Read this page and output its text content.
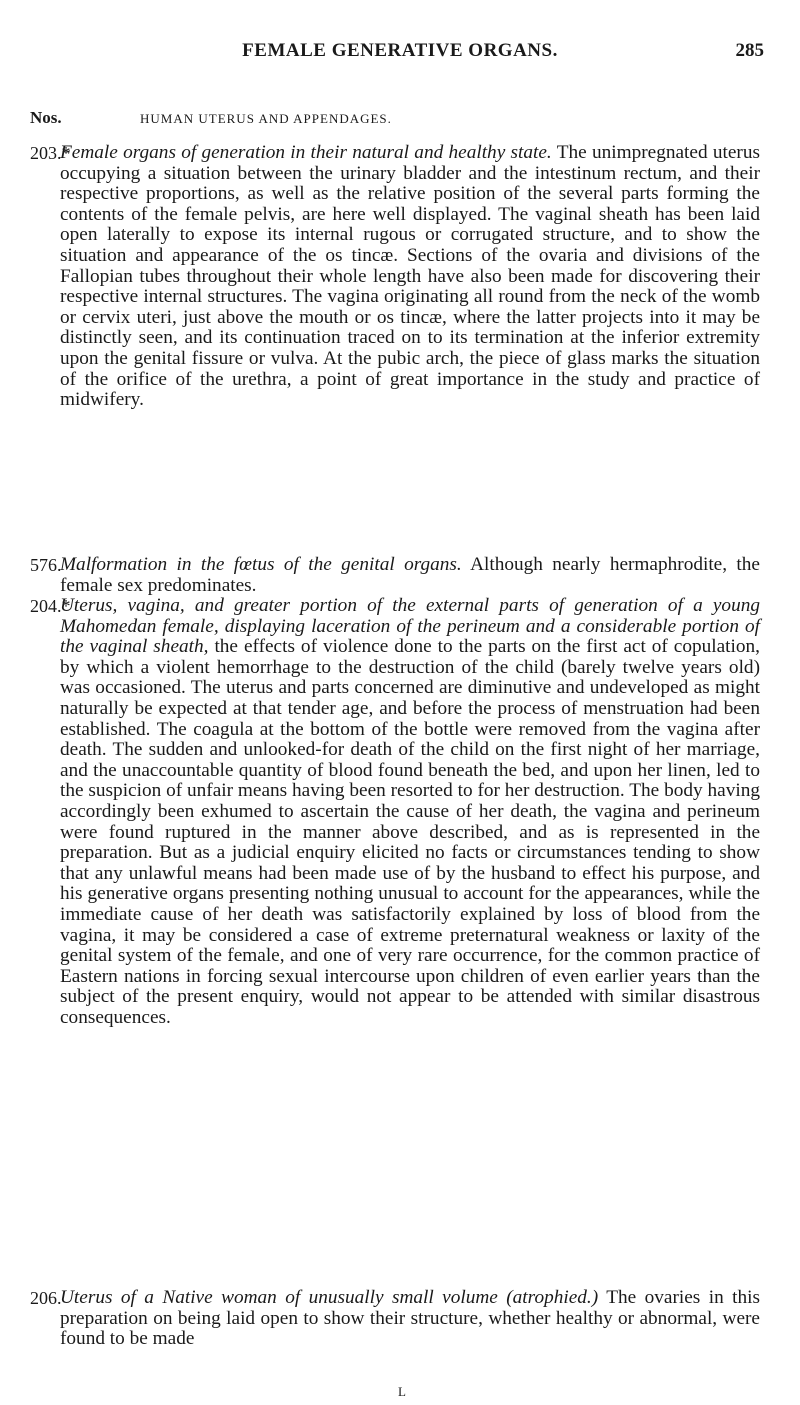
FEMALE GENERATIVE ORGANS.	285
Nos.	HUMAN UTERUS AND APPENDAGES.
203.*

Female organs of generation in their natural and healthy state. The unimpregnated uterus occupying a situation between the urinary bladder and the intestinum rectum, and their respective proportions, as well as the relative position of the several parts forming the contents of the female pelvis, are here well displayed. The vaginal sheath has been laid open laterally to expose its internal rugous or corrugated structure, and to show the situation and appearance of the os tincæ. Sections of the ovaria and divisions of the Fallopian tubes throughout their whole length have also been made for discovering their respective internal structures. The vagina originating all round from the neck of the womb or cervix uteri, just above the mouth or os tincæ, where the latter projects into it may be distinctly seen, and its continuation traced on to its termination at the inferior extremity upon the genital fissure or vulva. At the pubic arch, the piece of glass marks the situation of the orifice of the urethra, a point of great importance in the study and practice of midwifery.

576.

Malformation in the fœtus of the genital organs. Although nearly hermaphrodite, the female sex predominates.

204.*

Uterus, vagina, and greater portion of the external parts of generation of a young Mahomedan female, displaying laceration of the perineum and a considerable portion of the vaginal sheath, the effects of violence done to the parts on the first act of copulation, by which a violent hemorrhage to the destruction of the child (barely twelve years old) was occasioned. The uterus and parts concerned are diminutive and undeveloped as might naturally be expected at that tender age, and before the process of menstruation had been established. The coagula at the bottom of the bottle were removed from the vagina after death. The sudden and unlooked-for death of the child on the first night of her marriage, and the unaccountable quantity of blood found beneath the bed, and upon her linen, led to the suspicion of unfair means having been resorted to for her destruction. The body having accordingly been exhumed to ascertain the cause of her death, the vagina and perineum were found ruptured in the manner above described, and as is represented in the preparation. But as a judicial enquiry elicited no facts or circumstances tending to show that any unlawful means had been made use of by the husband to effect his purpose, and his generative organs presenting nothing unusual to account for the appearances, while the immediate cause of her death was satisfactorily explained by loss of blood from the vagina, it may be considered a case of extreme preternatural weakness or laxity of the genital system of the female, and one of very rare occurrence, for the common practice of Eastern nations in forcing sexual intercourse upon children of even earlier years than the subject of the present enquiry, would not appear to be attended with similar disastrous consequences.

206.

Uterus of a Native woman of unusually small volume (atrophied.) The ovaries in this preparation on being laid open to show their structure, whether healthy or abnormal, were found to be made

L
